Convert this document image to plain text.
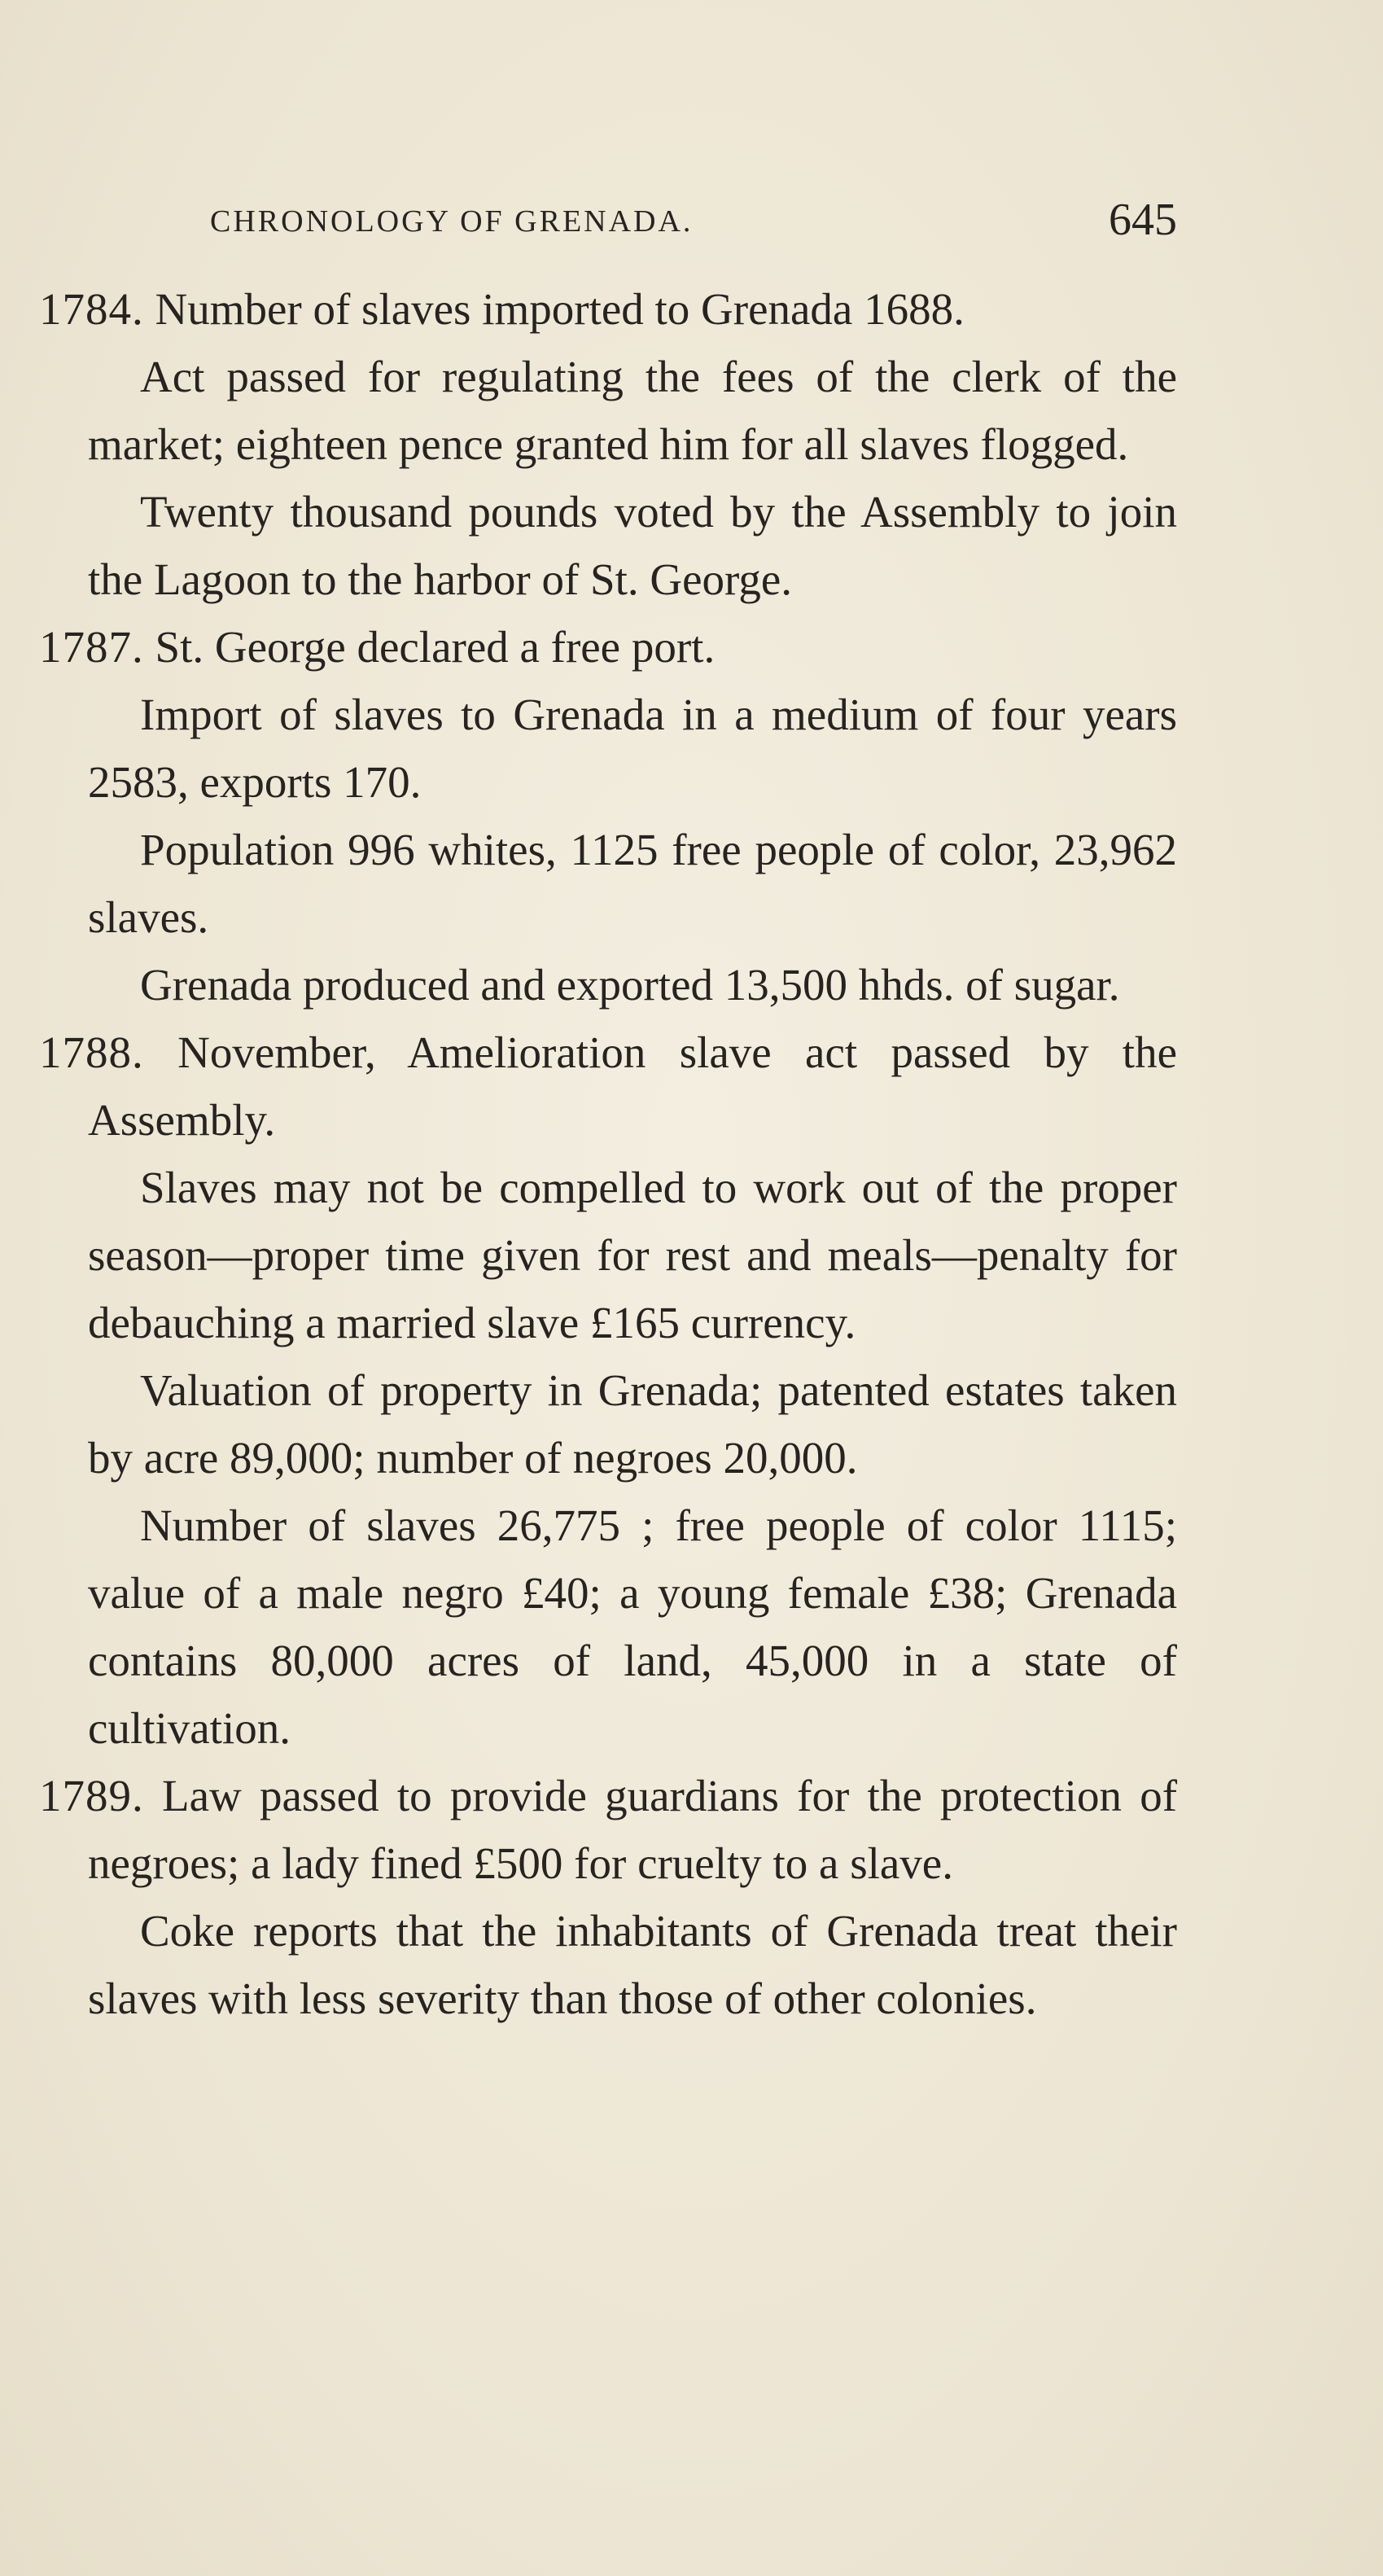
CHRONOLOGY OF GRENADA.	645

1784. Number of slaves imported to Grenada 1688.

Act passed for regulating the fees of the clerk of the market; eighteen pence granted him for all slaves flogged.

Twenty thousand pounds voted by the Assembly to join the Lagoon to the harbor of St. George.

1787. St. George declared a free port.

Import of slaves to Grenada in a medium of four years 2583, exports 170.

Population 996 whites, 1125 free people of color, 23,962 slaves.

Grenada produced and exported 13,500 hhds. of sugar.

1788. November, Amelioration slave act passed by the Assembly.

Slaves may not be compelled to work out of the proper season—proper time given for rest and meals—penalty for debauching a married slave £165 currency.

Valuation of property in Grenada; patented estates taken by acre 89,000; number of negroes 20,000.

Number of slaves 26,775 ; free people of color 1115; value of a male negro £40; a young female £38; Grenada contains 80,000 acres of land, 45,000 in a state of cultivation.

1789. Law passed to provide guardians for the protection of negroes; a lady fined £500 for cruelty to a slave.

Coke reports that the inhabitants of Grenada treat their slaves with less severity than those of other colonies.
